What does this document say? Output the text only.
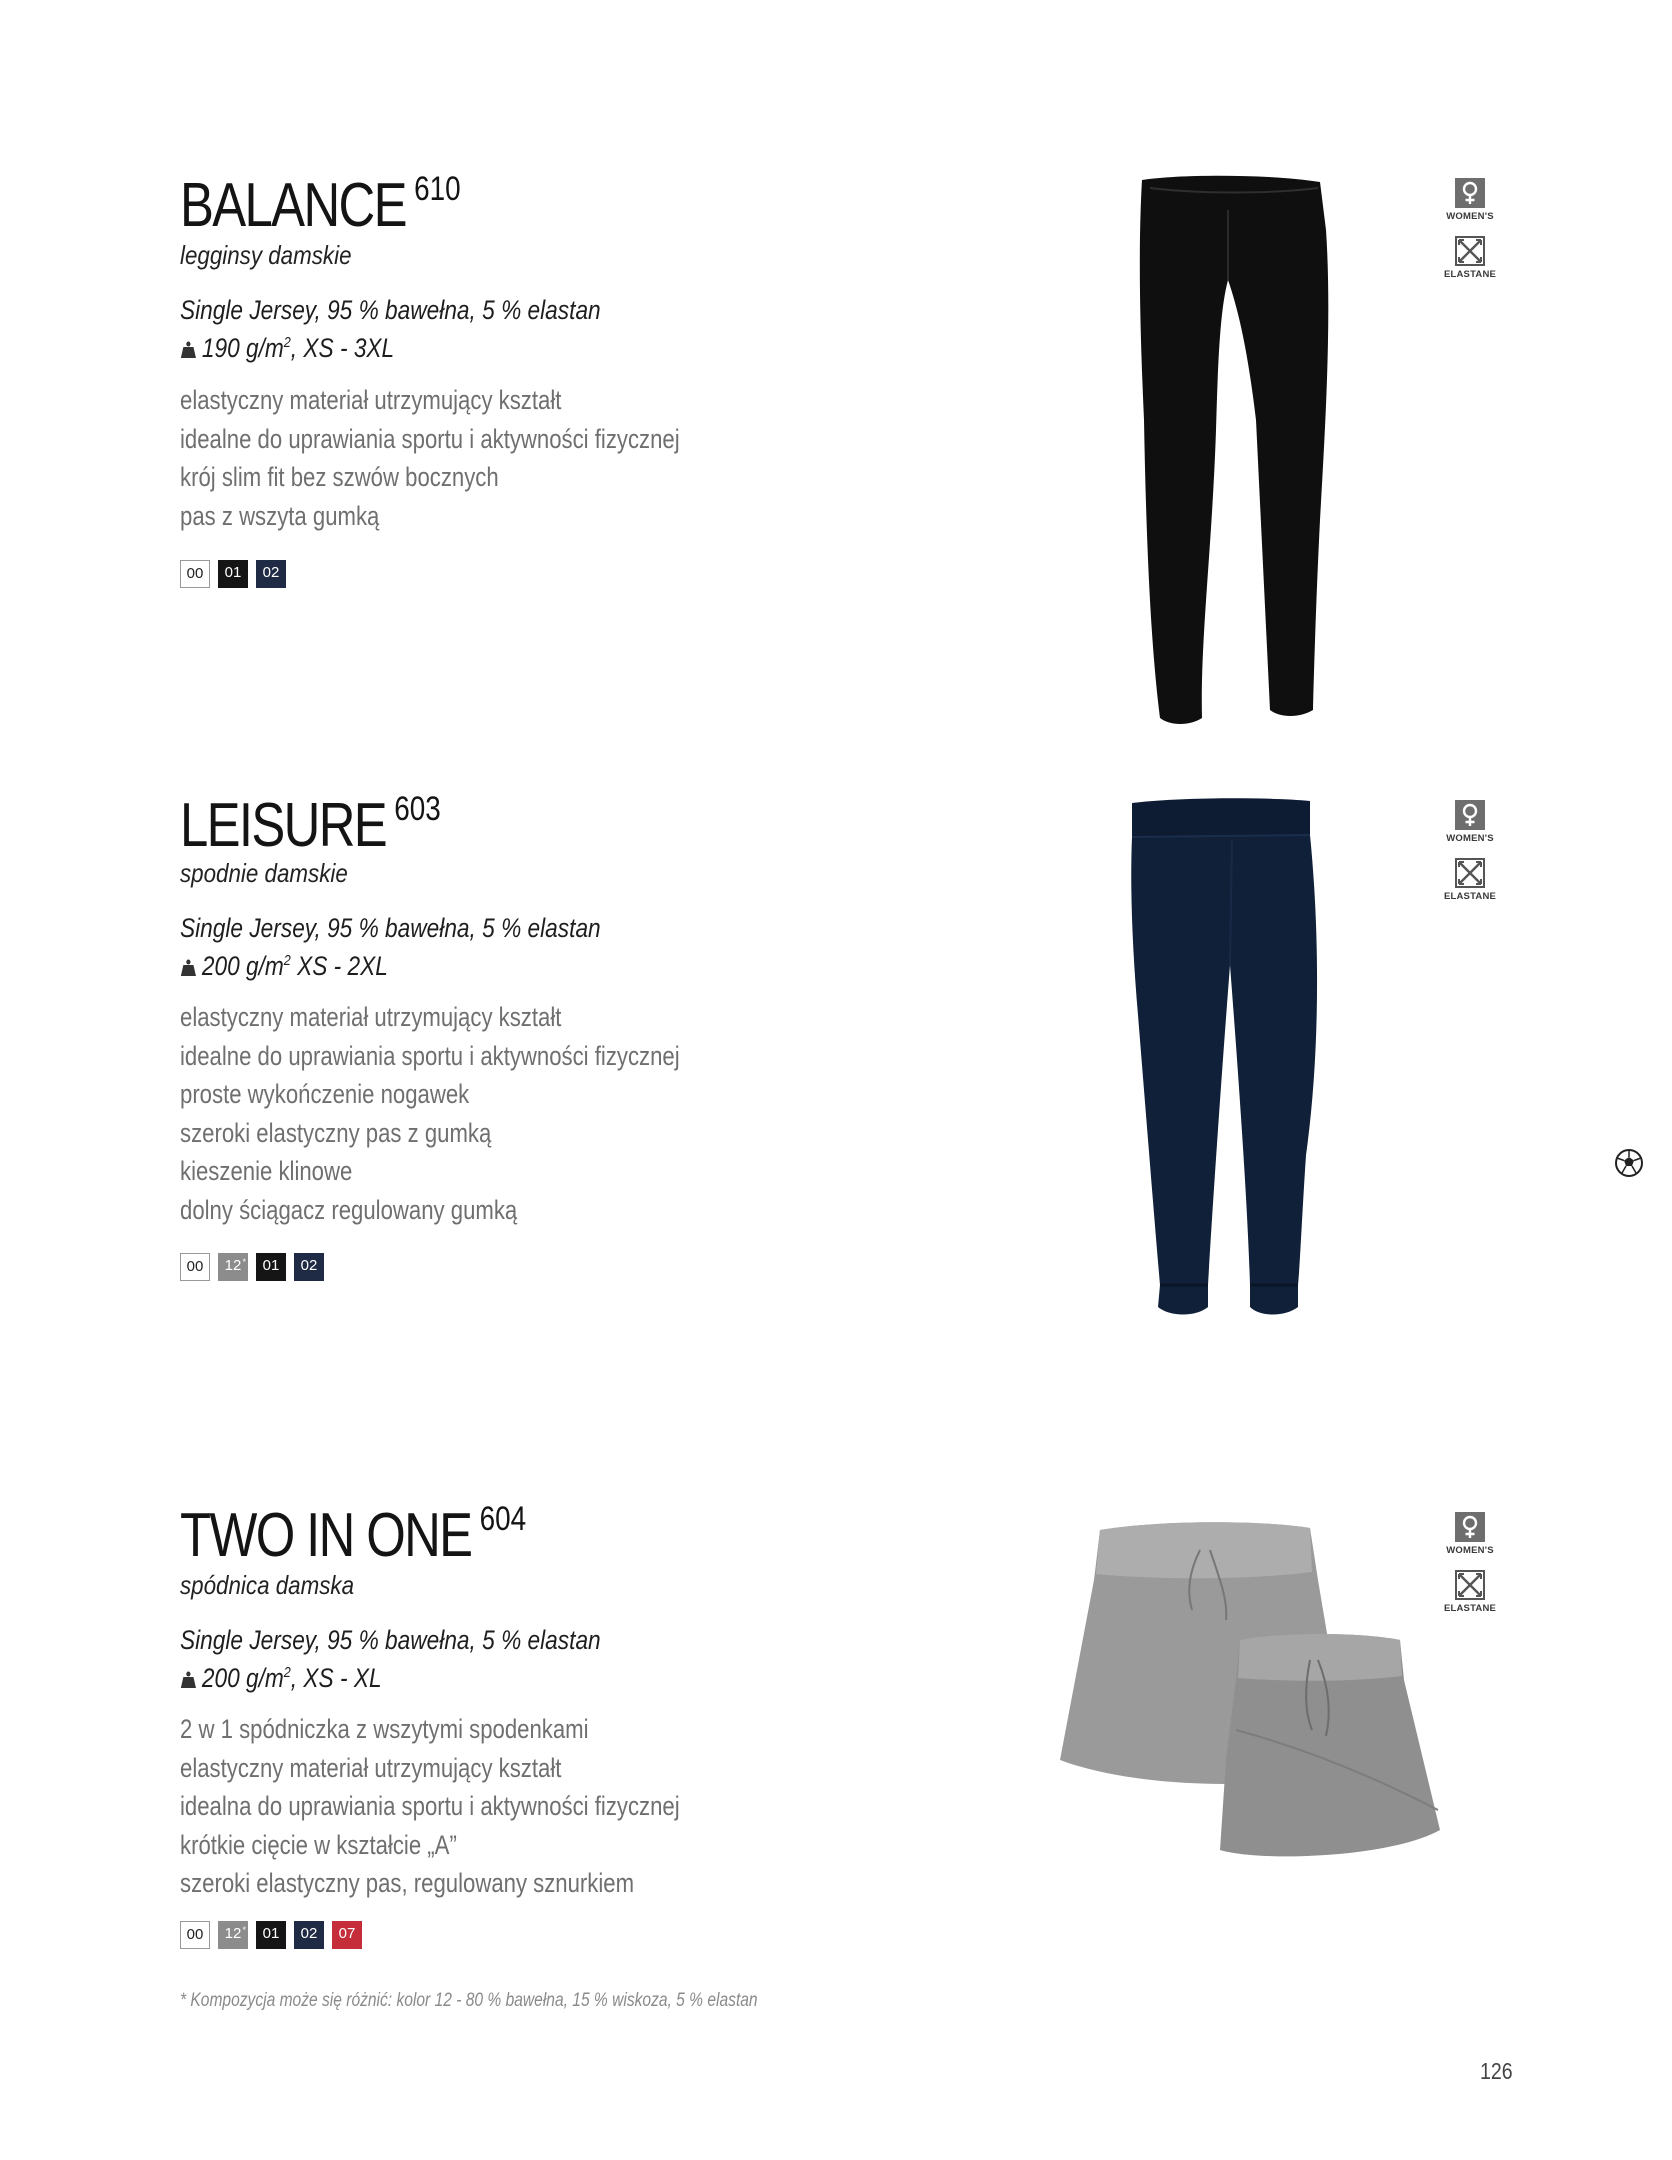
BALANCE $^{610}$
legginsy damskie
Single Jersey, 95 % bawełna, 5 % elastan
190 $g/m^2$, XS - 3XL
elastyczny materiał utrzymujący kształt
idealne do uprawiania sportu i aktywności fizycznej
krój slim fit bez szwów bocznych
pas z wszyta gumką
00	01	02
WOMEN'S
ELASTANE
LEISURE $^{603}$
spodnie damskie
Single Jersey, 95 % bawełna, 5 % elastan
200 $g/m^2$ XS - 2XL
elastyczny materiał utrzymujący kształt
idealne do uprawiania sportu i aktywności fizycznej
proste wykończenie nogawek
szeroki elastyczny pas z gumką
kieszenie klinowe
dolny ściągacz regulowany gumką
00	12 *	01	02
WOMEN'S
ELASTANE
TWO IN ONE $^{604}$
spódnica damska
Single Jersey, 95 % bawełna, 5 % elastan
200 $g/m^2$, XS - XL
2 w 1 spódniczka z wszytymi spodenkami
elastyczny materiał utrzymujący kształt
idealna do uprawiania sportu i aktywności fizycznej
krótkie cięcie w kształcie „A”
szeroki elastyczny pas, regulowany sznurkiem
00	12 *	01	02	07
WOMEN'S
ELASTANE
* Kompozycja może się różnić: kolor 12 - 80 % bawełna, 15 % wiskoza, 5 % elastan
126
